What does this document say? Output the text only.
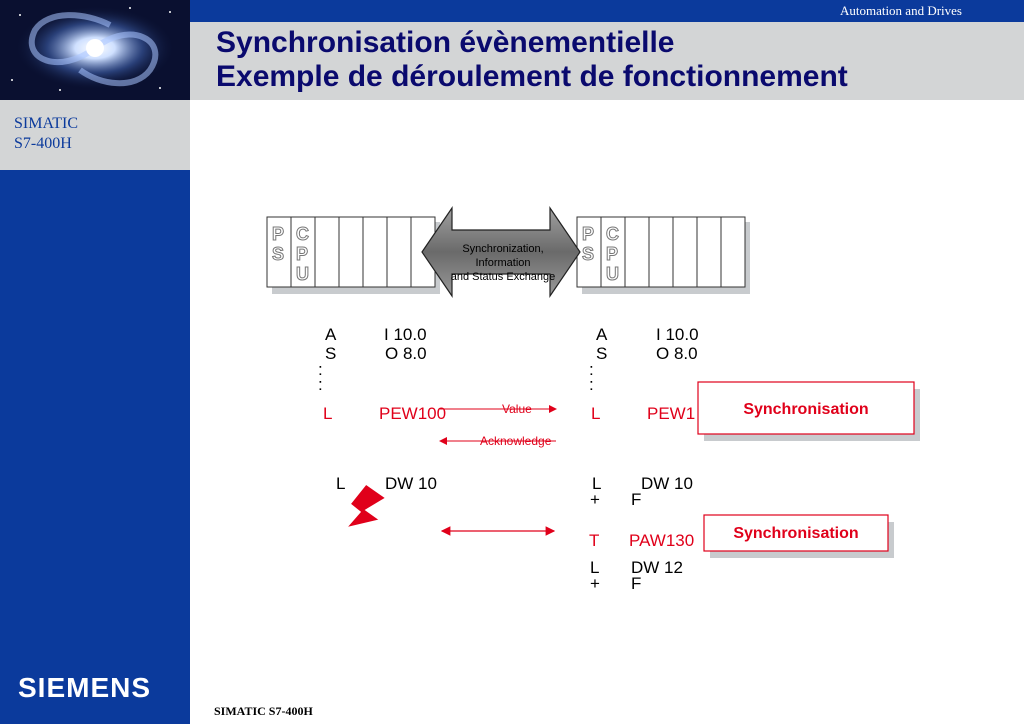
SIMATIC
S7-400H
SIEMENS
Automation and Drives
Synchronisation évènementielle
Exemple de déroulement de fonctionnement
SIMATIC S7-400H
P
S
C
P
U
P
S
C
P
U
Synchronization,
Information
and Status Exchange
A	I 10.0
S	O 8.0
:
:
L	PEW100
L DW 10
A	I 10.0
S	O 8.0
:
:
L	PEW1
L DW 10
+ F
T PAW130
L DW 12
+ F
Value
Acknowledge
Synchronisation
Synchronisation
